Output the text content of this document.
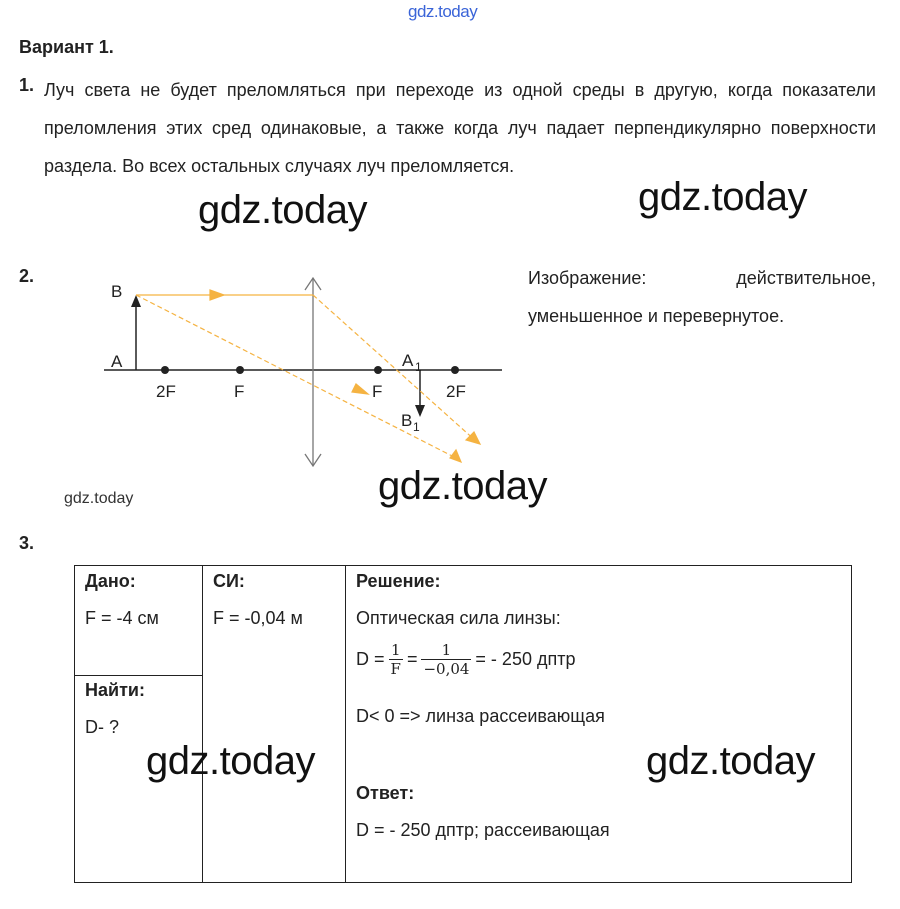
gdz.today
Вариант 1.
1. Луч света не будет преломляться при переходе из одной среды в другую, когда показатели преломления этих сред одинаковые, а также когда луч падает перпендикулярно поверхности раздела. Во всех остальных случаях луч преломляется.
gdz.today	gdz.today
2.
B
A
2F	F	F
A 1
2F
B 1
Изображение: действительное, уменьшенное и перевернутое.
gdz.today
gdz.today
3.
Дано:
F = -4 см
Найти:
D- ?
СИ:
F = -0,04 м
Решение:
Оптическая сила линзы:
$D = \frac{1}{F} = \frac{1}{-0,04}$ = - 250 дптр
D< 0 => линза рассеивающая
Ответ:
D = - 250 дптр; рассеивающая
gdz.today	gdz.today
